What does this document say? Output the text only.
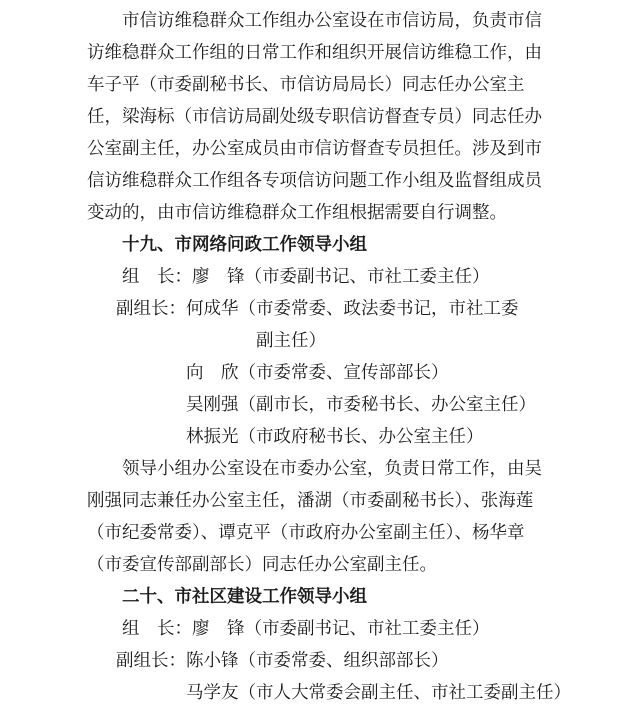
市信访维稳群众工作组办公室设在市信访局，负责市信
访维稳群众工作组的日常工作和组织开展信访维稳工作，由
车子平（市委副秘书长、市信访局局长）同志任办公室主
任，梁海标（市信访局副处级专职信访督查专员）同志任办
公室副主任，办公室成员由市信访督查专员担任。涉及到市
信访维稳群众工作组各专项信访问题工作小组及监督组成员
变动的，由市信访维稳群众工作组根据需要自行调整。
十九、市网络问政工作领导小组
组　长：廖　锋（市委副书记、市社工委主任）
副组长：何成华（市委常委、政法委书记，市社工委
副主任）
向　欣（市委常委、宣传部部长）
吴刚强（副市长，市委秘书长、办公室主任）
林振光（市政府秘书长、办公室主任）
领导小组办公室设在市委办公室，负责日常工作，由吴
刚强同志兼任办公室主任，潘湖（市委副秘书长）、张海莲
（市纪委常委）、谭克平（市政府办公室副主任）、杨华章
（市委宣传部副部长）同志任办公室副主任。
二十、市社区建设工作领导小组
组　长：廖　锋（市委副书记、市社工委主任）
副组长：陈小锋（市委常委、组织部部长）
马学友（市人大常委会副主任、市社工委副主任）
